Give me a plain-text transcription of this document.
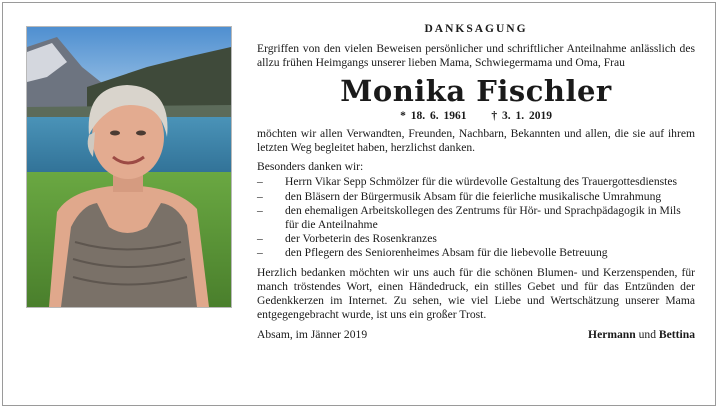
DANKSAGUNG

Ergriffen von den vielen Beweisen persönlicher und schriftlicher Anteilnahme anlässlich des allzu frühen Heimgangs unserer lieben Mama, Schwiegermama und Oma, Frau

Monika Fischler

* 18. 6. 1961 † 3. 1. 2019

möchten wir allen Verwandten, Freunden, Nachbarn, Bekannten und allen, die sie auf ihrem letzten Weg begleitet haben, herzlichst danken.

Besonders danken wir:

– Herrn Vikar Sepp Schmölzer für die würdevolle Gestaltung des Trauergottesdienstes
– den Bläsern der Bürgermusik Absam für die feierliche musikalische Umrahmung
– den ehemaligen Arbeitskollegen des Zentrums für Hör- und Sprachpädagogik in Mils für die Anteilnahme
– der Vorbeterin des Rosenkranzes
– den Pflegern des Seniorenheimes Absam für die liebevolle Betreuung

Herzlich bedanken möchten wir uns auch für die schönen Blumen- und Kerzenspenden, für manch tröstendes Wort, einen Händedruck, ein stilles Gebet und für das Entzünden der Gedenkkerzen im Internet. Zu sehen, wie viel Liebe und Wertschätzung unserer Mama entgegengebracht wurde, ist uns ein großer Trost.

Absam, im Jänner 2019	Hermann und Bettina
